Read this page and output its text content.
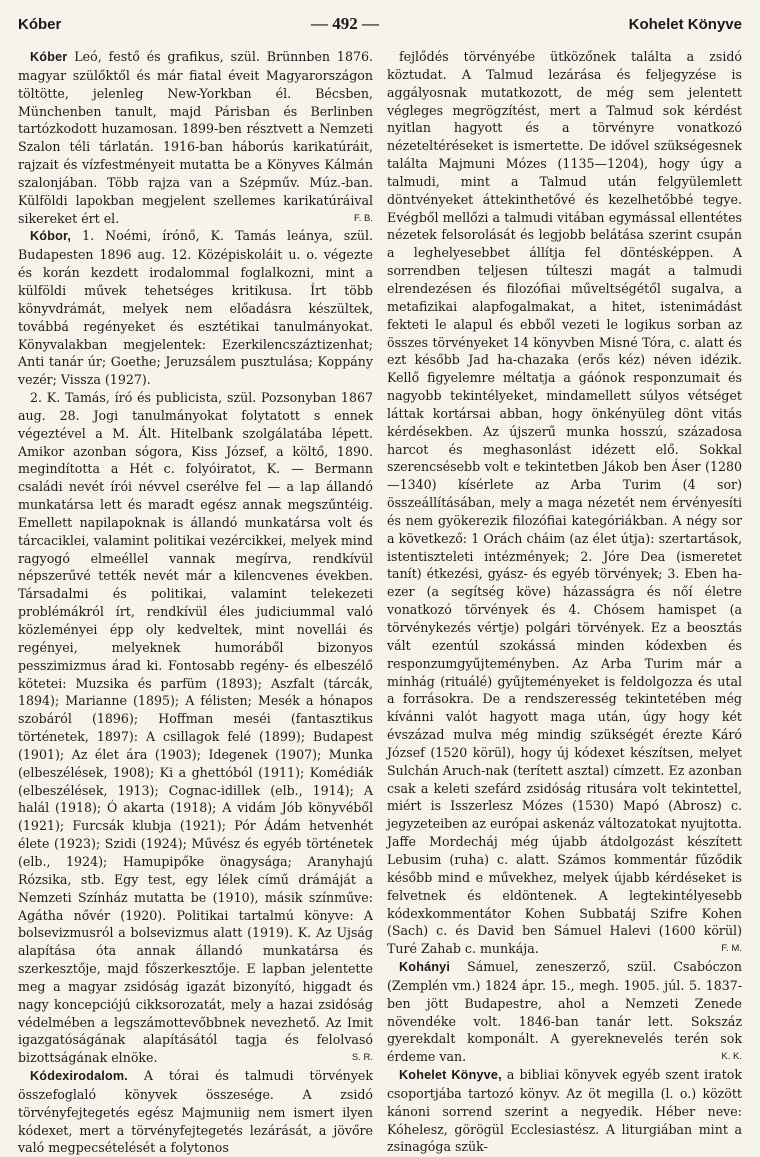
Kóber	— 492 —	Kohelet Könyve

Kóber Leó, festő és grafikus, szül. Brünnben 1876. magyar szülőktől és már fiatal éveit Magyarországon töltötte, jelenleg New-Yorkban él. Bécsben, Münchenben tanult, majd Párisban és Berlinben tartózkodott huzamosan. 1899-ben résztvett a Nemzeti Szalon téli tárlatán. 1916-ban háborús karikatúráit, rajzait és vízfestményeit mutatta be a Könyves Kálmán szalonjában. Több rajza van a Szépműv. Múz.-ban. Külföldi lapokban megjelent szellemes karikatúráival sikereket ért el.	F. B.

Kóbor, 1. Noémi, írónő, K. Tamás leánya, szül. Budapesten 1896 aug. 12. Középiskoláit u. o. végezte és korán kezdett irodalommal foglalkozni, mint a külföldi művek tehetséges kritikusa. Írt több könyvdrámát, melyek nem előadásra készültek, továbbá regényeket és esztétikai tanulmányokat. Könyvalakban megjelentek: Ezerkilencszáztizenhat; Anti tanár úr; Goethe; Jeruzsálem pusztulása; Koppány vezér; Vissza (1927).

2. K. Tamás, író és publicista, szül. Pozsonyban 1867 aug. 28. Jogi tanulmányokat folytatott s ennek végeztével a M. Ált. Hitelbank szolgálatába lépett. Amikor azonban sógora, Kiss József, a költő, 1890. megindította a Hét c. folyóiratot, K. — Bermann családi nevét írói névvel cserélve fel — a lap állandó munkatársa lett és maradt egész annak megszűntéig. Emellett napilapoknak is állandó munkatársa volt és tárcaciklei, valamint politikai vezércikkei, melyek mind ragyogó elmeéllel vannak megírva, rendkívül népszerűvé tették nevét már a kilencvenes években. Társadalmi és politikai, valamint telekezeti problémákról írt, rendkívül éles judiciummal való közleményei épp oly kedveltek, mint novellái és regényei, melyeknek humoráből bizonyos pesszimizmus árad ki. Fontosabb regény- és elbeszélő kötetei: Muzsika és parfüm (1893); Aszfalt (tárcák, 1894); Marianne (1895); A félisten; Mesék a hónapos szobáról (1896); Hoffman meséi (fantasztikus történetek, 1897): A csillagok felé (1899); Budapest (1901); Az élet ára (1903); Idegenek (1907); Munka (elbeszélések, 1908); Ki a ghettóból (1911); Komédiák (elbeszélések, 1913); Cognac-idillek (elb., 1914); A halál (1918); Ó akarta (1918); A vidám Jób könyvéből (1921); Furcsák klubja (1921); Pór Ádám hetvenhét élete (1923); Szidi (1924); Művész és egyéb történetek (elb., 1924); Hamupipőke önagysága; Aranyhajú Rózsika, stb. Egy test, egy lélek című drámáját a Nemzeti Színház mutatta be (1910), másik színműve: Agátha nővér (1920). Politikai tartalmú könyve: A bolsevizmusról a bolsevizmus alatt (1919). K. Az Ujság alapítása óta annak állandó munkatársa és szerkesztője, majd főszerkesztője. E lapban jelentette meg a magyar zsidóság igazát bizonyító, higgadt és nagy koncepciójú cikksorozatát, mely a hazai zsidóság védelmében a legszámottevőbbnek nevezhető. Az Imit igazgatóságának alapításától tagja és felolvasó bizottságának elnöke.	S. R.

Kódexirodalom. A tórai és talmudi törvények összefoglaló könyvek összesége. A zsidó törvényfejtegetés egész Majmuniig nem ismert ilyen kódexet, mert a törvényfejtegetés lezárását, a jövőre való megpecsételését a folytonos

fejlődés törvényébe ütközőnek találta a zsidó köztudat. A Talmud lezárása és feljegyzése is aggályosnak mutatkozott, de még sem jelentett végleges megrögzítést, mert a Talmud sok kérdést nyitlan hagyott és a törvényre vonatkozó nézeteltéréseket is ismertette. De idővel szükségesnek találta Majmuni Mózes (1135—1204), hogy úgy a talmudi, mint a Talmud után felgyülemlett döntvényeket áttekinthetővé és kezelhetőbbé tegye. Evégből mellőzi a talmudi vitában egymással ellentétes nézetek felsorolását és legjobb belátása szerint csupán a leghelyesebbet állítja fel döntésképpen. A sorrendben teljesen túlteszi magát a talmudi elrendezésen és filozófiai műveltségétől sugalva, a metafizikai alapfogalmakat, a hitet, istenimádást fekteti le alapul és ebből vezeti le logikus sorban az összes törvényeket 14 könyvben Misné Tóra, c. alatt és ezt később Jad ha-chazaka (erős kéz) néven idézik. Kellő figyelemre méltatja a gáónok responzumait és nagyobb tekintélyeket, mindamellett súlyos vétséget láttak kortársai abban, hogy önkényüleg dönt vitás kérdésekben. Az újszerű munka hosszú, századosa harcot és meghasonlást idézett elő. Sokkal szerencsésebb volt e tekintetben Jákob ben Áser (1280—1340) kísérlete az Arba Turim (4 sor) összeállításában, mely a maga nézetét nem érvényesíti és nem gyökerezik filozófiai kategóriákban. A négy sor a következő: 1 Orách cháim (az élet útja): szertartások, istentiszteleti intézmények; 2. Jóre Dea (ismeretet tanít) étkezési, gyász- és egyéb törvények; 3. Eben ha-ezer (a segítség köve) házasságra és nőí életre vonatkozó törvények és 4. Chósem hamispet (a törvénykezés vértje) polgári törvények. Ez a beosztás vált ezentúl szokássá minden kódexben és responzumgyűjteményben. Az Arba Turim már a minhág (rituálé) gyűjteményeket is feldolgozza és utal a forrásokra. De a rendszeresség tekintetében még kívánni valót hagyott maga után, úgy hogy két évszázad mulva még mindig szükségét érezte Káró József (1520 körül), hogy új kódexet készítsen, melyet Sulchán Aruch-nak (terített asztal) címzett. Ez azonban csak a keleti szefárd zsidóság ritusára volt tekintettel, miért is Isszerlesz Mózes (1530) Mapó (Abrosz) c. jegyzeteiben az európai askenáz változatokat nyujtotta. Jaffe Mordecháj még újabb átdolgozást készített Lebusim (ruha) c. alatt. Számos kommentár fűződik később mind e művekhez, melyek újabb kérdéseket is felvetnek és eldöntenek. A legtekintélyesebb kódexkommentátor Kohen Subbatáj Szifre Kohen (Sach) c. és David ben Sámuel Halevi (1600 körül) Turé Zahab c. munkája.	F. M.

Kohányi Sámuel, zeneszerző, szül. Csabóczon (Zemplén vm.) 1824 ápr. 15., megh. 1905. júl. 5. 1837-ben jött Budapestre, ahol a Nemzeti Zenede növendéke volt. 1846-ban tanár lett. Sokszáz gyerekdalt komponált. A gyereknevelés terén sok érdeme van.	K. K.

Kohelet Könyve, a bibliai könyvek egyéb szent iratok csoportjába tartozó könyv. Az öt megilla (l. o.) között kánoni sorrend szerint a negyedik. Héber neve: Kóhelesz, görögül Ecclesiastész. A liturgiában mint a zsinagóga szük-
